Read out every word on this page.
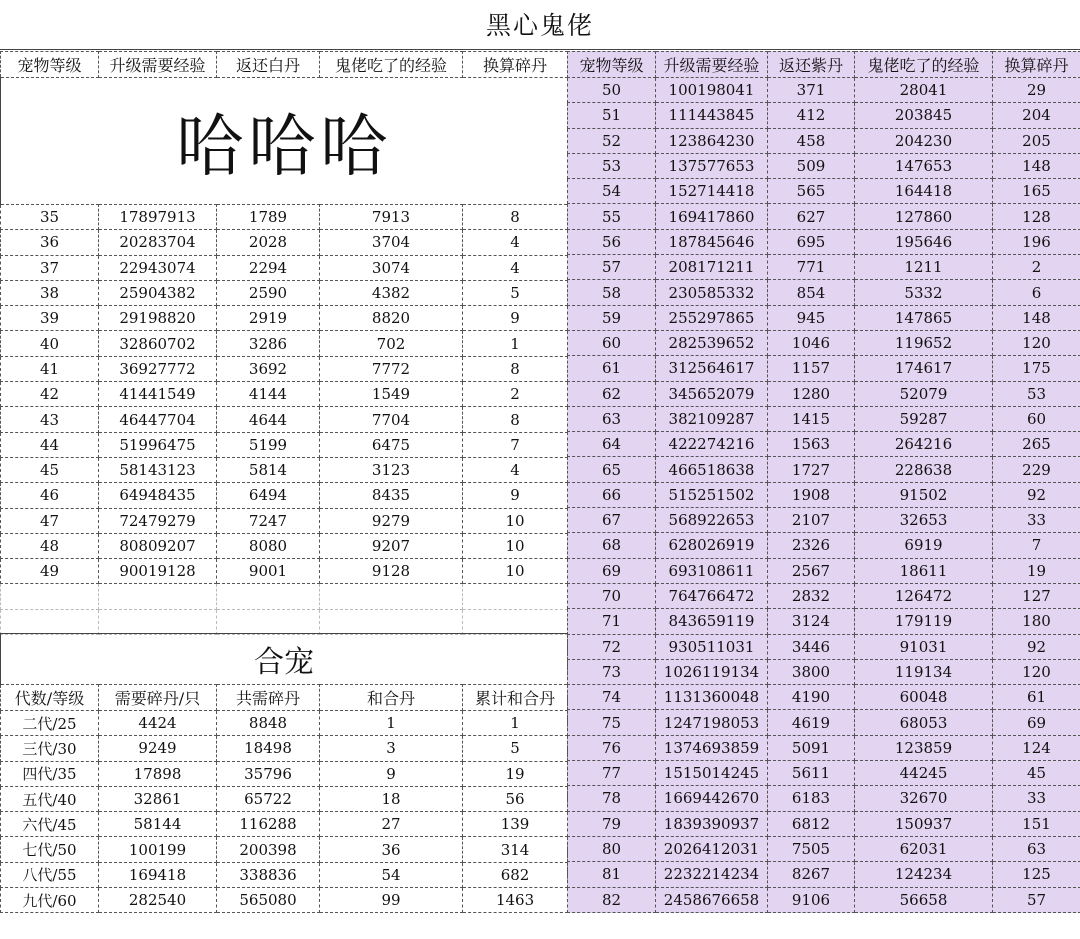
黑心鬼佬
宠物等级	升级需要经验	返还白丹	鬼佬吃了的经验	换算碎丹
哈哈哈				
35	17897913	1789	7913	8
36	20283704	2028	3704	4
37	22943074	2294	3074	4
38	25904382	2590	4382	5
39	29198820	2919	8820	9
40	32860702	3286	702	1
41	36927772	3692	7772	8
42	41441549	4144	1549	2
43	46447704	4644	7704	8
44	51996475	5199	6475	7
45	58143123	5814	3123	4
46	64948435	6494	8435	9
47	72479279	7247	9279	10
48	80809207	8080	9207	10
49	90019128	9001	9128	10

宠物等级	升级需要经验	返还紫丹	鬼佬吃了的经验	换算碎丹
50	100198041	371	28041	29
51	111443845	412	203845	204
52	123864230	458	204230	205
53	137577653	509	147653	148
54	152714418	565	164418	165
55	169417860	627	127860	128
56	187845646	695	195646	196
57	208171211	771	1211	2
58	230585332	854	5332	6
59	255297865	945	147865	148
60	282539652	1046	119652	120
61	312564617	1157	174617	175
62	345652079	1280	52079	53
63	382109287	1415	59287	60
64	422274216	1563	264216	265
65	466518638	1727	228638	229
66	515251502	1908	91502	92
67	568922653	2107	32653	33
68	628026919	2326	6919	7
69	693108611	2567	18611	19
70	764766472	2832	126472	127
71	843659119	3124	179119	180
72	930511031	3446	91031	92
73	1026119134	3800	119134	120
74	1131360048	4190	60048	61
75	1247198053	4619	68053	69
76	1374693859	5091	123859	124
77	1515014245	5611	44245	45
78	1669442670	6183	32670	33
79	1839390937	6812	150937	151
80	2026412031	7505	62031	63
81	2232214234	8267	124234	125
82	2458676658	9106	56658	57
合宠				
代数/等级	需要碎丹/只	共需碎丹	和合丹	累计和合丹
二代/25	4424	8848	1	1
三代/30	9249	18498	3	5
四代/35	17898	35796	9	19
五代/40	32861	65722	18	56
六代/45	58144	116288	27	139
七代/50	100199	200398	36	314
八代/55	169418	338836	54	682
九代/60	282540	565080	99	1463
